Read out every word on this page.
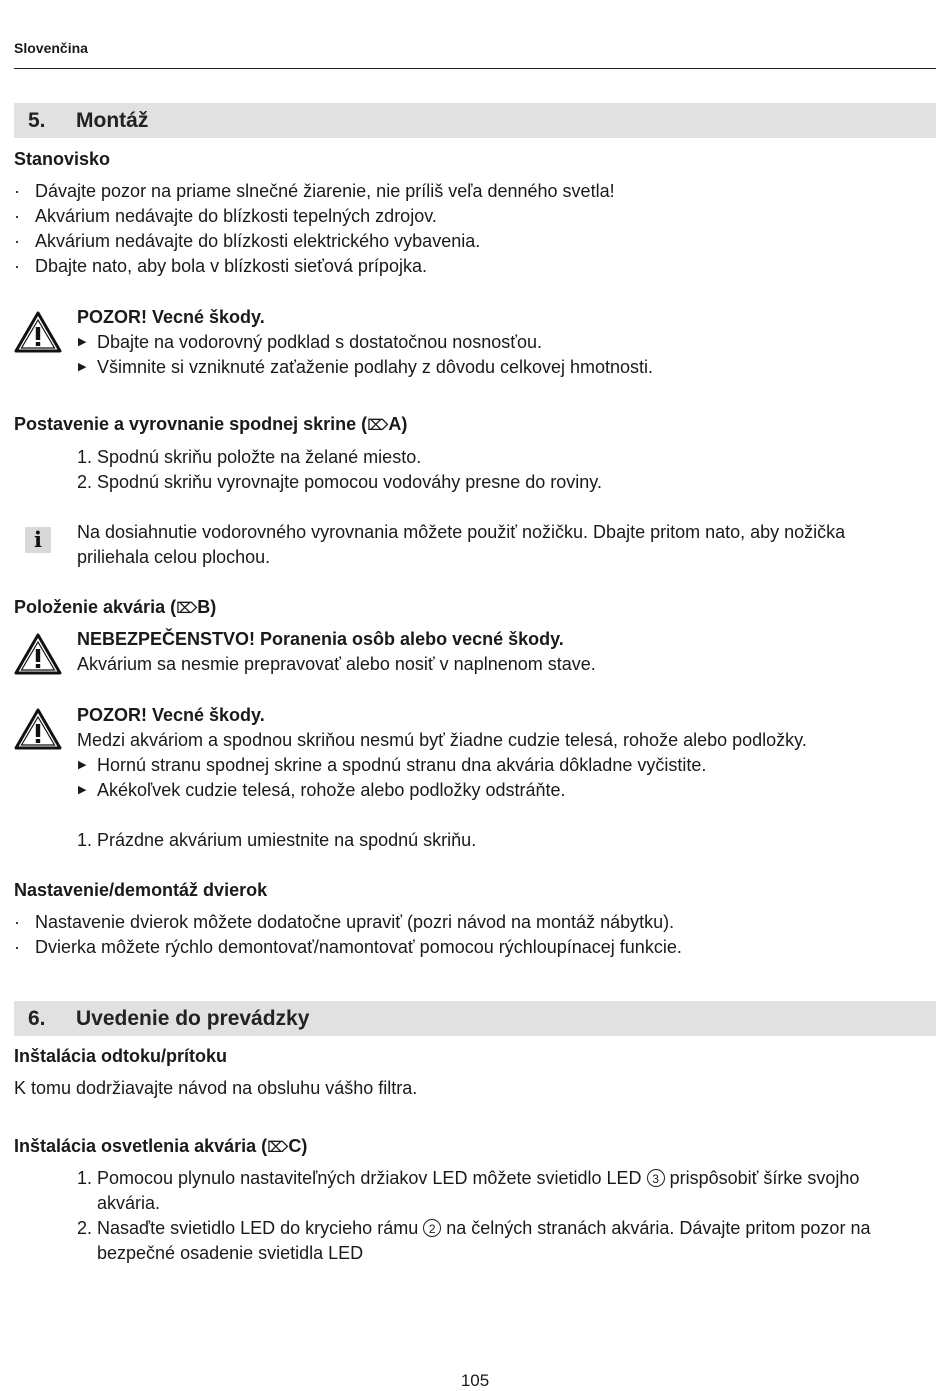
Slovenčina
5. Montáž
Stanovisko
· Dávajte pozor na priame slnečné žiarenie, nie príliš veľa denného svetla!
· Akvárium nedávajte do blízkosti tepelných zdrojov.
· Akvárium nedávajte do blízkosti elektrického vybavenia.
· Dbajte nato, aby bola v blízkosti sieťová prípojka.
POZOR! Vecné škody.
▶ Dbajte na vodorovný podklad s dostatočnou nosnosťou.
▶ Všimnite si vzniknuté zaťaženie podlahy z dôvodu celkovej hmotnosti.
Postavenie a vyrovnanie spodnej skrine (⌦A)
1. Spodnú skriňu položte na želané miesto.
2. Spodnú skriňu vyrovnajte pomocou vodováhy presne do roviny.
i	Na dosiahnutie vodorovného vyrovnania môžete použiť nožičku. Dbajte pritom nato, aby nožička
priliehala celou plochou.
Položenie akvária (⌦B)
NEBEZPEČENSTVO! Poranenia osôb alebo vecné škody.
Akvárium sa nesmie prepravovať alebo nosiť v naplnenom stave.
POZOR! Vecné škody.
Medzi akváriom a spodnou skriňou nesmú byť žiadne cudzie telesá, rohože alebo podložky.
▶ Hornú stranu spodnej skrine a spodnú stranu dna akvária dôkladne vyčistite.
▶ Akékoľvek cudzie telesá, rohože alebo podložky odstráňte.
1. Prázdne akvárium umiestnite na spodnú skriňu.
Nastavenie/demontáž dvierok
· Nastavenie dvierok môžete dodatočne upraviť (pozri návod na montáž nábytku).
· Dvierka môžete rýchlo demontovať/namontovať pomocou rýchloupínacej funkcie.
6. Uvedenie do prevádzky
Inštalácia odtoku/prítoku
K tomu dodržiavajte návod na obsluhu vášho filtra.
Inštalácia osvetlenia akvária (⌦C)
1. Pomocou plynulo nastaviteľných držiakov LED môžete svietidlo LED 3 prispôsobiť šírke svojho
akvária.
2. Nasaďte svietidlo LED do krycieho rámu 2 na čelných stranách akvária. Dávajte pritom pozor na
bezpečné osadenie svietidla LED
105
